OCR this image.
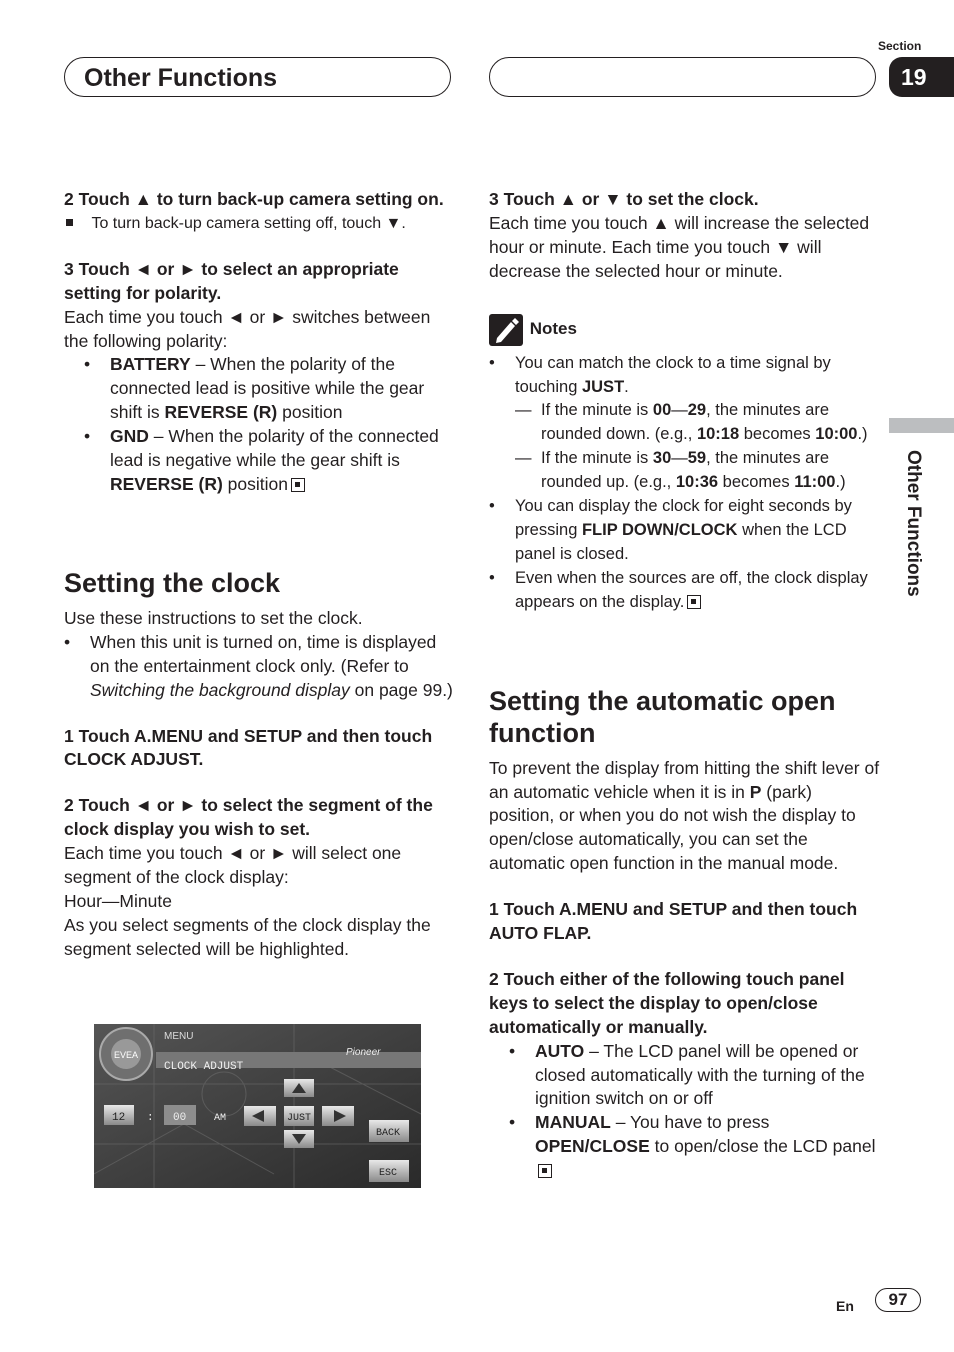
Other Functions
Section
19
Other Functions
2 Touch ▲ to turn back-up camera setting on.
To turn back-up camera setting off, touch ▼.
3 Touch ◄ or ► to select an appropriate setting for polarity.
Each time you touch ◄ or ► switches between the following polarity:
• BATTERY – When the polarity of the connected lead is positive while the gear shift is REVERSE (R) position
• GND – When the polarity of the connected lead is negative while the gear shift is REVERSE (R) position
Setting the clock
Use these instructions to set the clock.
• When this unit is turned on, time is displayed on the entertainment clock only. (Refer to Switching the background display on page 99.)
1 Touch A.MENU and SETUP and then touch CLOCK ADJUST.
2 Touch ◄ or ► to select the segment of the clock display you wish to set.
Each time you touch ◄ or ► will select one segment of the clock display:
Hour—Minute
As you select segments of the clock display the segment selected will be highlighted.
EVEA
MENU
Pioneer
CLOCK ADJUST
12 : 00	AM	JUST
BACK
ESC
3 Touch ▲ or ▼ to set the clock.
Each time you touch ▲ will increase the selected hour or minute. Each time you touch ▼ will decrease the selected hour or minute.
Notes
• You can match the clock to a time signal by touching JUST.
— If the minute is 00—29, the minutes are rounded down. (e.g., 10:18 becomes 10:00.)
— If the minute is 30—59, the minutes are rounded up. (e.g., 10:36 becomes 11:00.)
• You can display the clock for eight seconds by pressing FLIP DOWN/CLOCK when the LCD panel is closed.
• Even when the sources are off, the clock display appears on the display.
Setting the automatic open function
To prevent the display from hitting the shift lever of an automatic vehicle when it is in P (park) position, or when you do not wish the display to open/close automatically, you can set the automatic open function in the manual mode.
1 Touch A.MENU and SETUP and then touch AUTO FLAP.
2 Touch either of the following touch panel keys to select the display to open/close automatically or manually.
• AUTO – The LCD panel will be opened or closed automatically with the turning of the ignition switch on or off
• MANUAL – You have to press OPEN/CLOSE to open/close the LCD panel
En	97
